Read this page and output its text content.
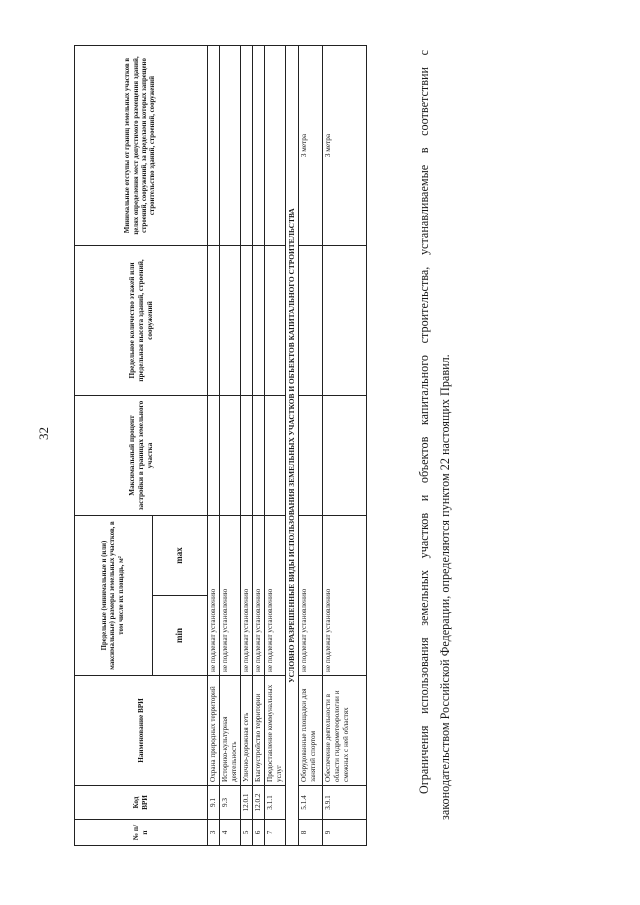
32
№ п/п	Код ВРИ	Наименование ВРИ	Предельные (минимальные и (или) максимальные) размеры земельных участков, в том числе их площадь, м²		Максимальный процент застройки в границах земельного участка	Предельное количество этажей или предельная высота зданий, строений, сооружений	Минимальные отступы от границ земельных участков в целях определения мест допустимого размещения зданий, строений, сооружений, за пределами которых запрещено строительство зданий, строений, сооружений
			min	max			
3	9.1	Охрана природных территорий	не подлежат установлению				
4	9.3	Историко-культурная деятельность	не подлежат установлению				
5	12.0.1	Улично-дорожная сеть	не подлежат установлению				
6	12.0.2	Благоустройство территории	не подлежат установлению				
7	3.1.1	Предоставление коммунальных услуг	не подлежат установлению				
УСЛОВНО РАЗРЕШЕННЫЕ ВИДЫ ИСПОЛЬЗОВАНИЯ ЗЕМЕЛЬНЫХ УЧАСТКОВ И ОБЪЕКТОВ КАПИТАЛЬНОГО СТРОИТЕЛЬСТВА							
8	5.1.4	Оборудованные площадки для занятий спортом	не подлежат установлению				3 метра
9	3.9.1	Обеспечение деятельности в области гидрометеорологии и смежных с ней областях	не подлежат установлению				3 метра	Ограничения использования земельных участков и объектов капитального строительства, устанавливаемые в соответствии с законодательством Российской Федерации, определяются пунктом 22 настоящих Правил.
